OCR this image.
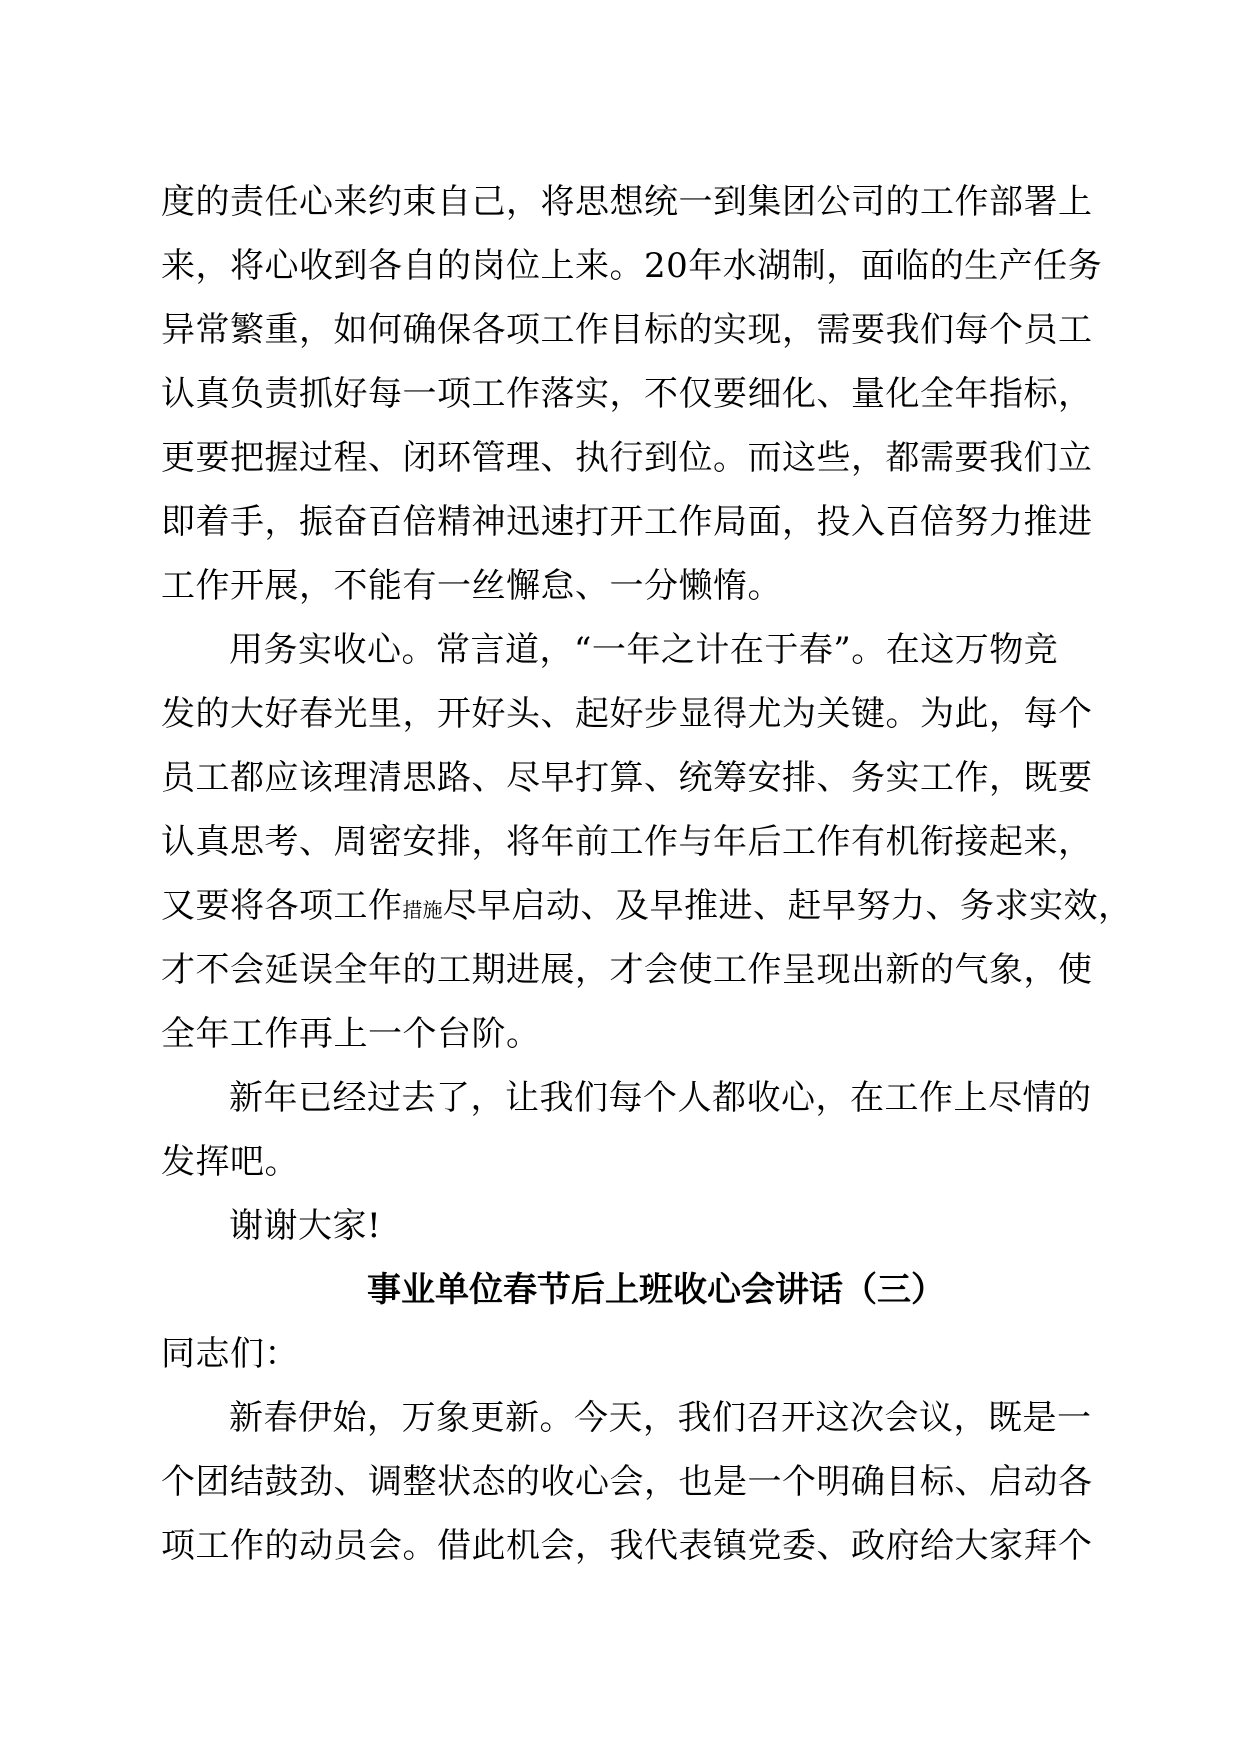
度的责任心来约束自己，将思想统一到集团公司的工作部署上
来，将心收到各自的岗位上来。20年水湖制，面临的生产任务
异常繁重，如何确保各项工作目标的实现，需要我们每个员工
认真负责抓好每一项工作落实，不仅要细化、量化全年指标，
更要把握过程、闭环管理、执行到位。而这些，都需要我们立
即着手，振奋百倍精神迅速打开工作局面，投入百倍努力推进
工作开展，不能有一丝懈怠、一分懒惰。
用务实收心。常言道，“一年之计在于春”。在这万物竞
发的大好春光里，开好头、起好步显得尤为关键。为此，每个
员工都应该理清思路、尽早打算、统筹安排、务实工作，既要
认真思考、周密安排，将年前工作与年后工作有机衔接起来，
又要将各项工作措施尽早启动、及早推进、赶早努力、务求实效，
才不会延误全年的工期进展，才会使工作呈现出新的气象，使
全年工作再上一个台阶。
新年已经过去了，让我们每个人都收心，在工作上尽情的
发挥吧。
谢谢大家!
事业单位春节后上班收心会讲话（三）
同志们：
新春伊始，万象更新。今天，我们召开这次会议，既是一
个团结鼓劲、调整状态的收心会，也是一个明确目标、启动各
项工作的动员会。借此机会，我代表镇党委、政府给大家拜个
